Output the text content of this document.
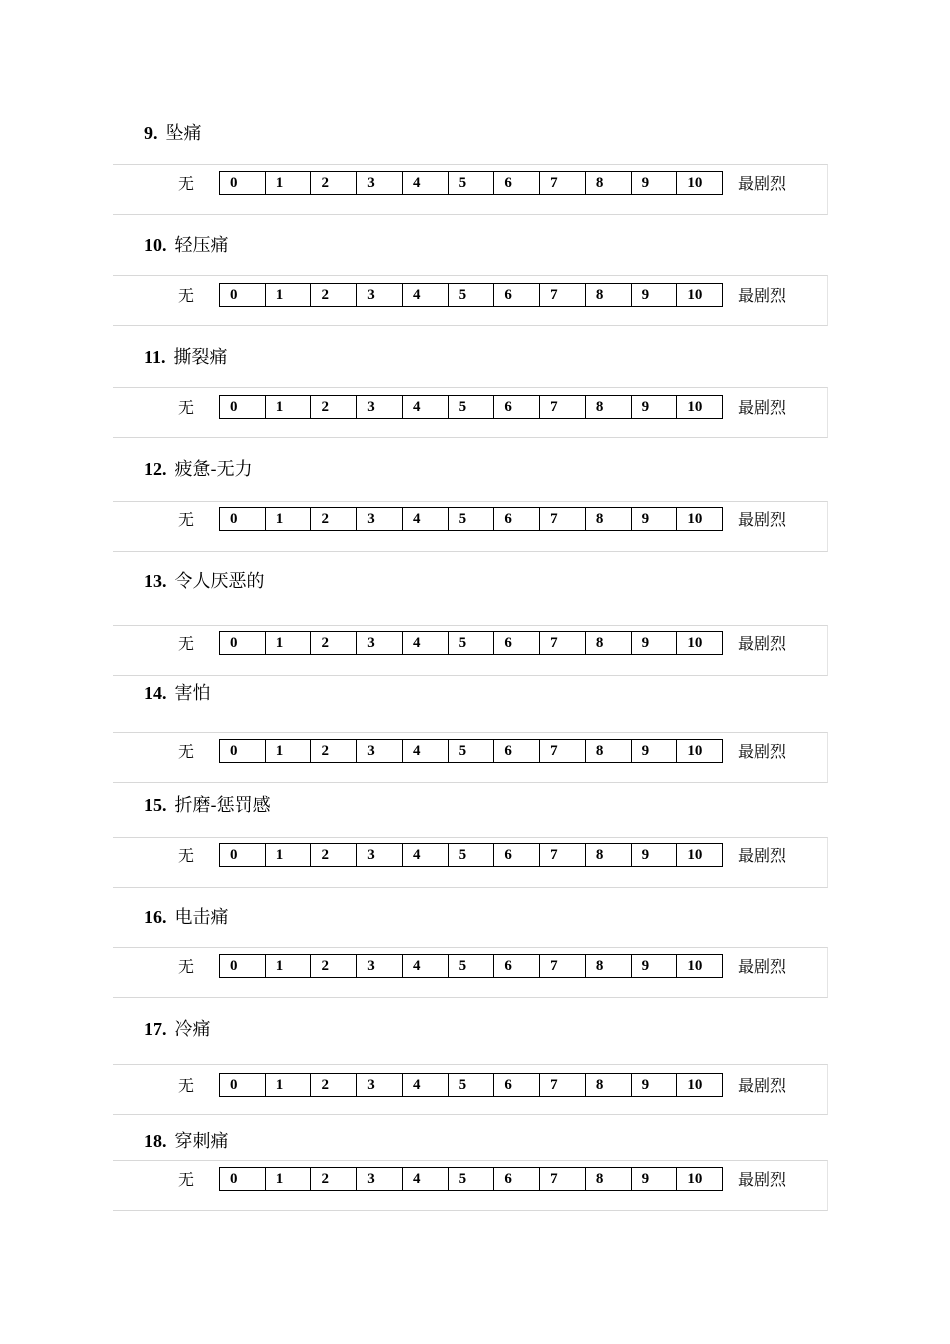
9. 坠痛
无	0	1	2	3	4	5	6	7	8	9	10	最剧烈
10. 轻压痛
无	0	1	2	3	4	5	6	7	8	9	10	最剧烈
11. 撕裂痛
无	0	1	2	3	4	5	6	7	8	9	10	最剧烈
12. 疲惫-无力
无	0	1	2	3	4	5	6	7	8	9	10	最剧烈
13. 令人厌恶的
无	0	1	2	3	4	5	6	7	8	9	10	最剧烈
14. 害怕
无	0	1	2	3	4	5	6	7	8	9	10	最剧烈
15. 折磨-惩罚感
无	0	1	2	3	4	5	6	7	8	9	10	最剧烈
16. 电击痛
无	0	1	2	3	4	5	6	7	8	9	10	最剧烈
17. 冷痛
无	0	1	2	3	4	5	6	7	8	9	10	最剧烈
18. 穿刺痛
无	0	1	2	3	4	5	6	7	8	9	10	最剧烈
